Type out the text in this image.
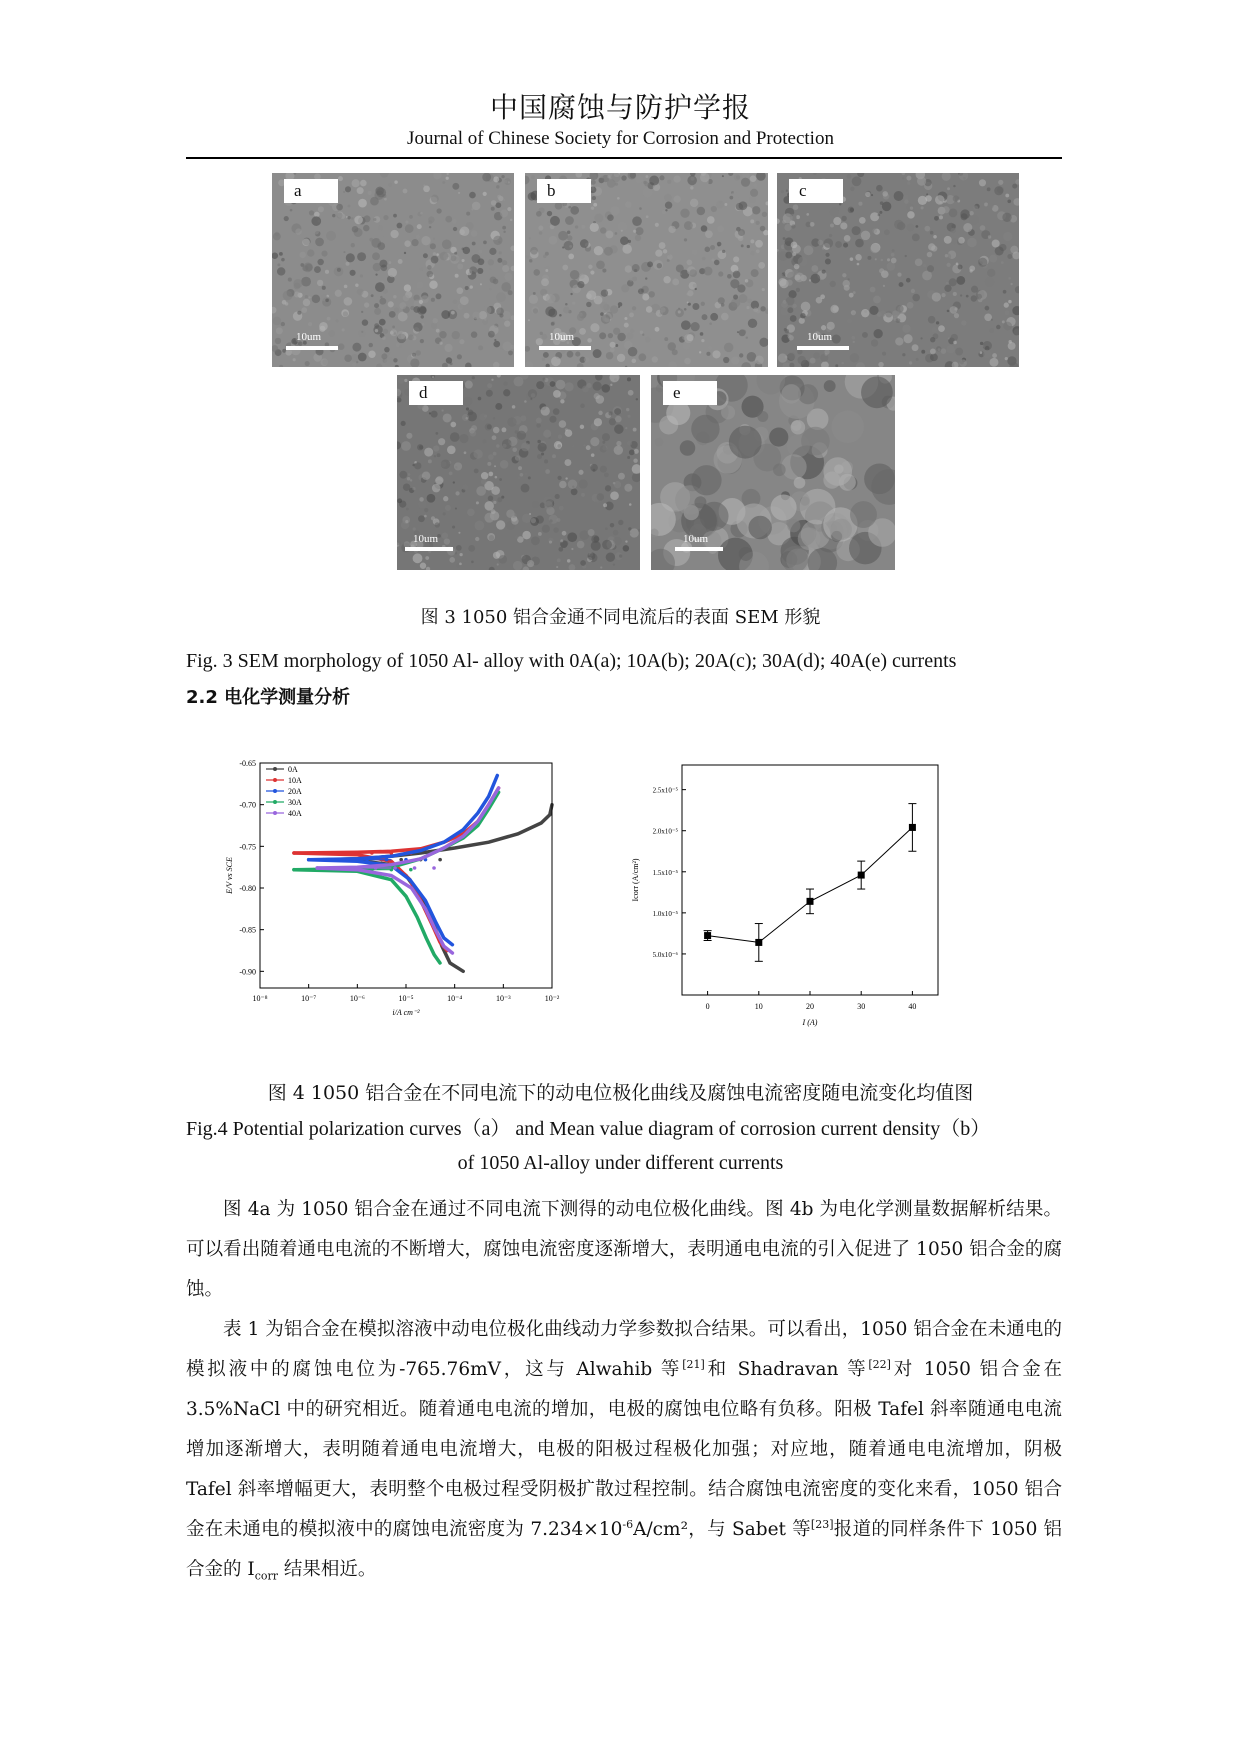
中国腐蚀与防护学报
Journal of Chinese Society for Corrosion and Protection
a
10um
b
10um
c
10um
d
10um
e
10um
图 3 1050 铝合金通不同电流后的表面 SEM 形貌
Fig. 3 SEM morphology of 1050 Al- alloy with 0A(a); 10A(b); 20A(c); 30A(d); 40A(e) currents
2.2 电化学测量分析
10⁻⁸	10⁻⁷	10⁻⁶	10⁻⁵	10⁻⁴	10⁻³	10⁻²
-0.65
-0.70
-0.75
-0.80
-0.85
-0.90
i/A cm⁻²
E/V vs SCE
0A
10A
20A
30A
40A
0	10	20	30	40
5.0x10⁻⁶
1.0x10⁻⁵
1.5x10⁻⁵
2.0x10⁻⁵
2.5x10⁻⁵
I (A)
Icorr (A/cm²)
图 4 1050 铝合金在不同电流下的动电位极化曲线及腐蚀电流密度随电流变化均值图
Fig.4 Potential polarization curves（a） and Mean value diagram of corrosion current density（b）
of 1050 Al-alloy under different currents

图 4a 为 1050 铝合金在通过不同电流下测得的动电位极化曲线。图 4b 为电化学测量数据解析结果。可以看出随着通电电流的不断增大，腐蚀电流密度逐渐增大，表明通电电流的引入促进了 1050 铝合金的腐蚀。

表 1 为铝合金在模拟溶液中动电位极化曲线动力学参数拟合结果。可以看出，1050 铝合金在未通电的模拟液中的腐蚀电位为-765.76mV，这与 Alwahib 等[21]和 Shadravan 等[22]对 1050 铝合金在 3.5%NaCl 中的研究相近。随着通电电流的增加，电极的腐蚀电位略有负移。阳极 Tafel 斜率随通电电流增加逐渐增大，表明随着通电电流增大，电极的阳极过程极化加强；对应地，随着通电电流增加，阴极 Tafel 斜率增幅更大，表明整个电极过程受阴极扩散过程控制。结合腐蚀电流密度的变化来看，1050 铝合金在未通电的模拟液中的腐蚀电流密度为 $7.234\times 10^{-6}A$/cm²，与 Sabet 等[23]报道的同样条件下 1050 铝合金的 $I_{corr}$ 结果相近。
